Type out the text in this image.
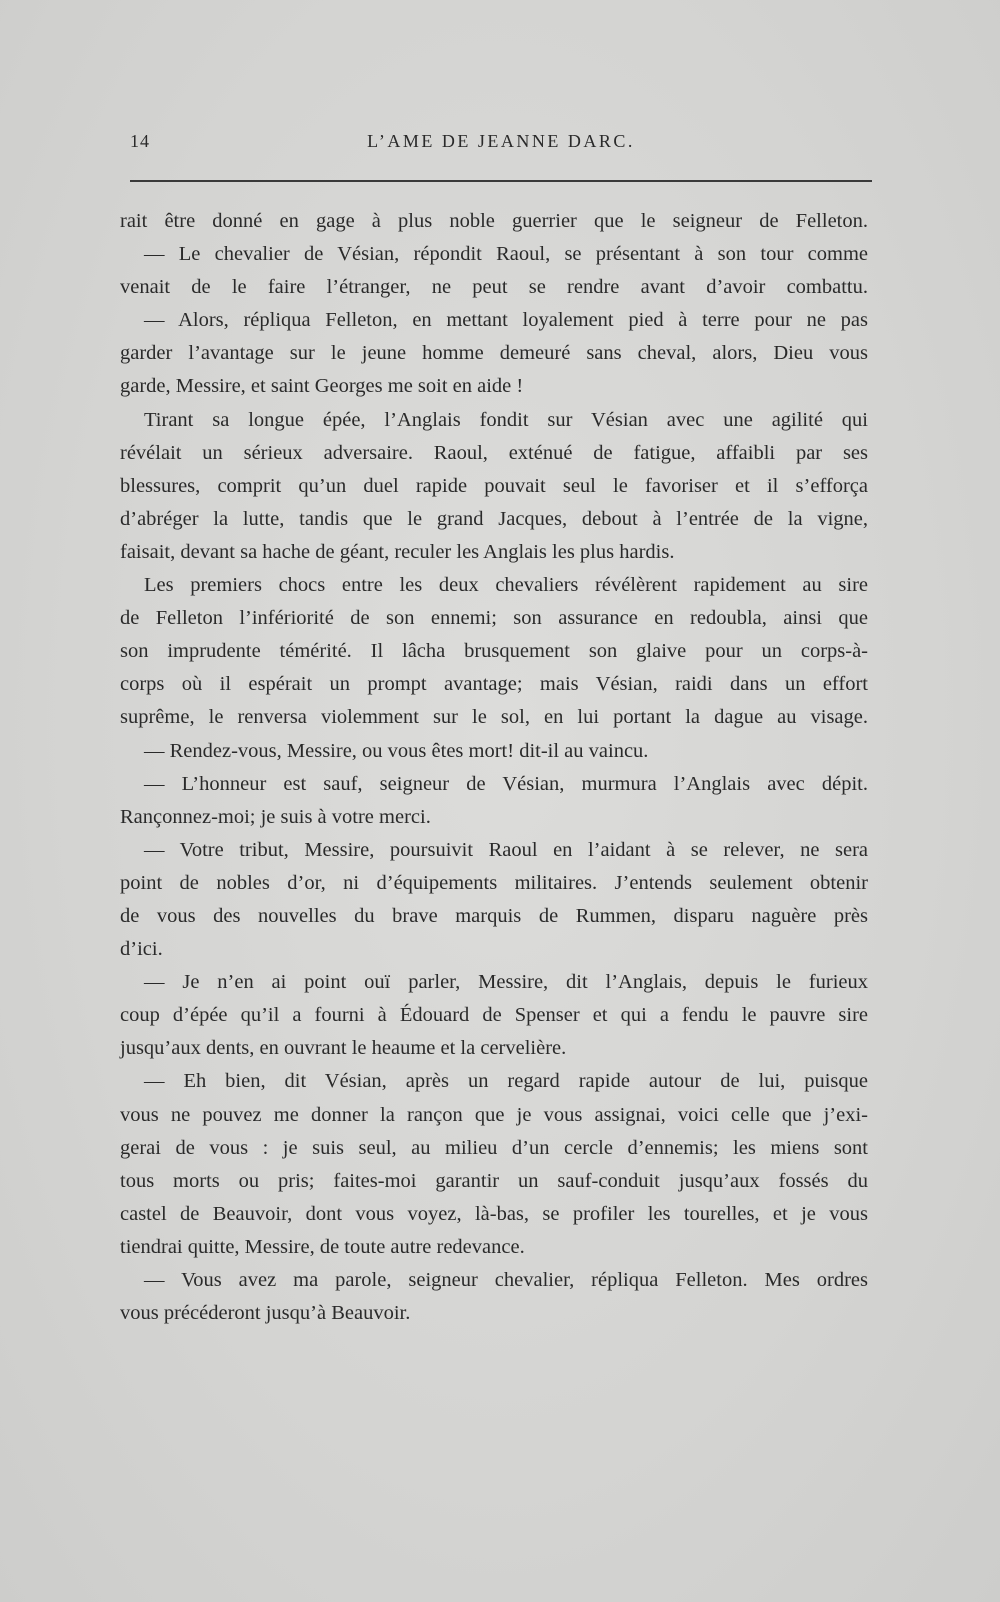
14	L’AME DE JEANNE DARC.
rait être donné en gage à plus noble guerrier que le seigneur de Felleton.
— Le chevalier de Vésian, répondit Raoul, se présentant à son tour comme
venait de le faire l’étranger, ne peut se rendre avant d’avoir combattu.
— Alors, répliqua Felleton, en mettant loyalement pied à terre pour ne pas
garder l’avantage sur le jeune homme demeuré sans cheval, alors, Dieu vous
garde, Messire, et saint Georges me soit en aide !
Tirant sa longue épée, l’Anglais fondit sur Vésian avec une agilité qui
révélait un sérieux adversaire. Raoul, exténué de fatigue, affaibli par ses
blessures, comprit qu’un duel rapide pouvait seul le favoriser et il s’efforça
d’abréger la lutte, tandis que le grand Jacques, debout à l’entrée de la vigne,
faisait, devant sa hache de géant, reculer les Anglais les plus hardis.
Les premiers chocs entre les deux chevaliers révélèrent rapidement au sire
de Felleton l’infériorité de son ennemi; son assurance en redoubla, ainsi que
son imprudente témérité. Il lâcha brusquement son glaive pour un corps-à-
corps où il espérait un prompt avantage; mais Vésian, raidi dans un effort
suprême, le renversa violemment sur le sol, en lui portant la dague au visage.
— Rendez-vous, Messire, ou vous êtes mort! dit-il au vaincu.
— L’honneur est sauf, seigneur de Vésian, murmura l’Anglais avec dépit.
Rançonnez-moi; je suis à votre merci.
— Votre tribut, Messire, poursuivit Raoul en l’aidant à se relever, ne sera
point de nobles d’or, ni d’équipements militaires. J’entends seulement obtenir
de vous des nouvelles du brave marquis de Rummen, disparu naguère près
d’ici.
— Je n’en ai point ouï parler, Messire, dit l’Anglais, depuis le furieux
coup d’épée qu’il a fourni à Édouard de Spenser et qui a fendu le pauvre sire
jusqu’aux dents, en ouvrant le heaume et la cervelière.
— Eh bien, dit Vésian, après un regard rapide autour de lui, puisque
vous ne pouvez me donner la rançon que je vous assignai, voici celle que j’exi-
gerai de vous : je suis seul, au milieu d’un cercle d’ennemis; les miens sont
tous morts ou pris; faites-moi garantir un sauf-conduit jusqu’aux fossés du
castel de Beauvoir, dont vous voyez, là-bas, se profiler les tourelles, et je vous
tiendrai quitte, Messire, de toute autre redevance.
— Vous avez ma parole, seigneur chevalier, répliqua Felleton. Mes ordres
vous précéderont jusqu’à Beauvoir.
